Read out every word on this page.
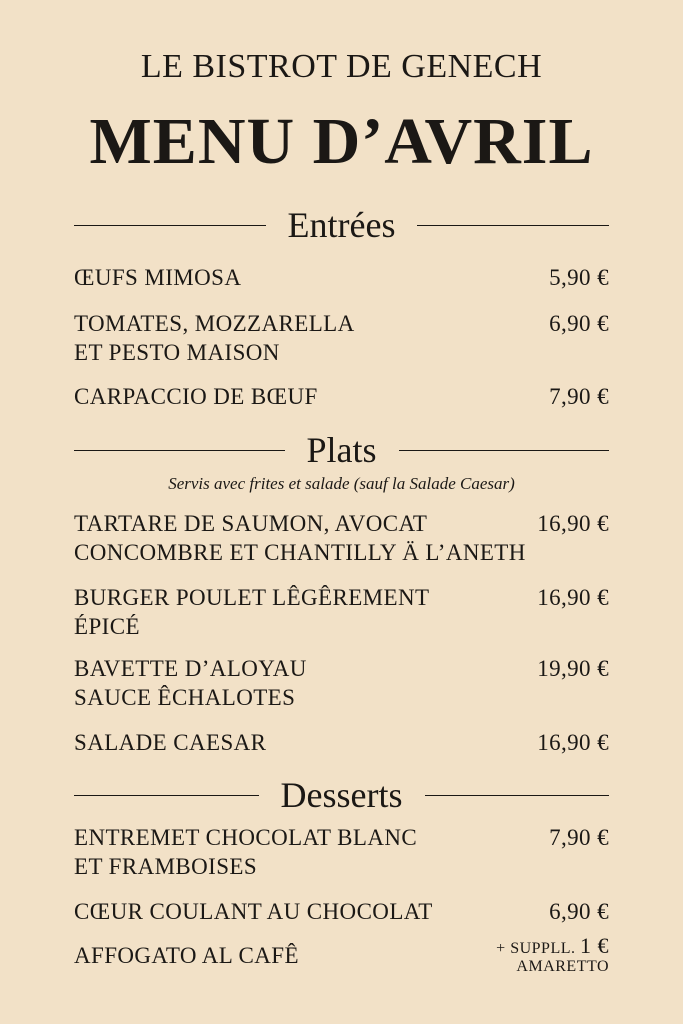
LE BISTROT DE GENECH
MENU D’AVRIL
Entrées
ŒUFS MIMOSA	5,90 €
TOMATES, MOZZARELLA
ET PESTO MAISON
6,90 €
CARPACCIO DE BŒUF	7,90 €
Plats
Servis avec frites et salade (sauf la Salade Caesar)
TARTARE DE SAUMON, AVOCAT
CONCOMBRE ET CHANTILLY Ä L’ANETH
16,90 €
BURGER POULET LÊGÊREMENT
ÉPICÉ
16,90 €
BAVETTE D’ALOYAU
SAUCE ÊCHALOTES
19,90 €
SALADE CAESAR	16,90 €
Desserts
ENTREMET CHOCOLAT BLANC
ET FRAMBOISES
7,90 €
CŒUR COULANT AU CHOCOLAT	6,90 €
AFFOGATO AL CAFÊ	+ SUPPLL. 1 €
AMARETTO
